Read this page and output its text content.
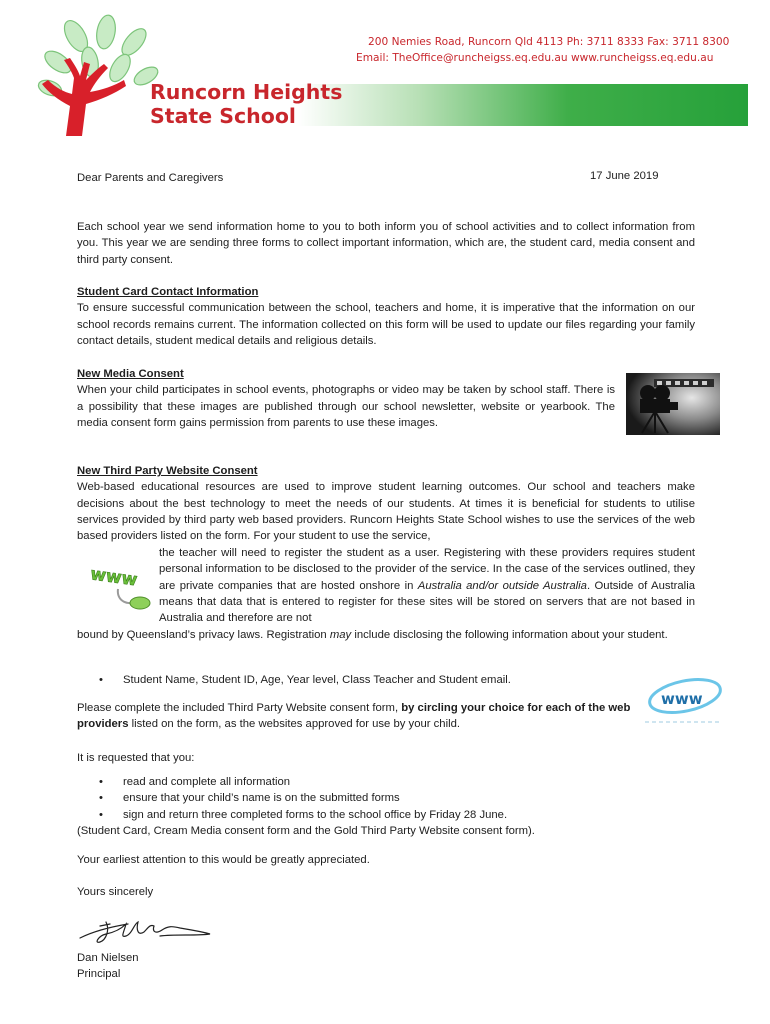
200 Nemies Road, Runcorn Qld 4113 Ph: 3711 8333 Fax: 3711 8300
Email: TheOffice@runcheigss.eq.edu.au www.runcheigss.eq.edu.au
Runcorn Heights
State School
Dear Parents and Caregivers	17 June 2019
Each school year we send information home to you to both inform you of school activities and to collect information from you. This year we are sending three forms to collect important information, which are, the student card, media consent and third party consent.
Student Card Contact Information
To ensure successful communication between the school, teachers and home, it is imperative that the information on our school records remains current. The information collected on this form will be used to update our files regarding your family contact details, student medical details and religious details.
New Media Consent
When your child participates in school events, photographs or video may be taken by school staff. There is a possibility that these images are published through our school newsletter, website or yearbook. The media consent form gains permission from parents to use these images.
New Third Party Website Consent
Web-based educational resources are used to improve student learning outcomes. Our school and teachers make decisions about the best technology to meet the needs of our students. At times it is beneficial for students to utilise services provided by third party web based providers. Runcorn Heights State School wishes to use the services of the web based providers listed on the form. For your student to use the service,
the teacher will need to register the student as a user. Registering with these providers requires student personal information to be disclosed to the provider of the service. In the case of the services outlined, they are private companies that are hosted onshore in Australia and/or outside Australia. Outside of Australia means that data that is entered to register for these sites will be stored on servers that are not based in Australia and therefore are not
bound by Queensland’s privacy laws. Registration may include disclosing the following information about your student.
www
• Student Name, Student ID, Age, Year level, Class Teacher and Student email.
Please complete the included Third Party Website consent form, by circling your choice for each of the web providers listed on the form, as the websites approved for use by your child.
www
It is requested that you:
• read and complete all information
• ensure that your child’s name is on the submitted forms
• sign and return three completed forms to the school office by Friday 28 June.
(Student Card, Cream Media consent form and the Gold Third Party Website consent form).
Your earliest attention to this would be greatly appreciated.
Yours sincerely
Dan Nielsen
Principal
